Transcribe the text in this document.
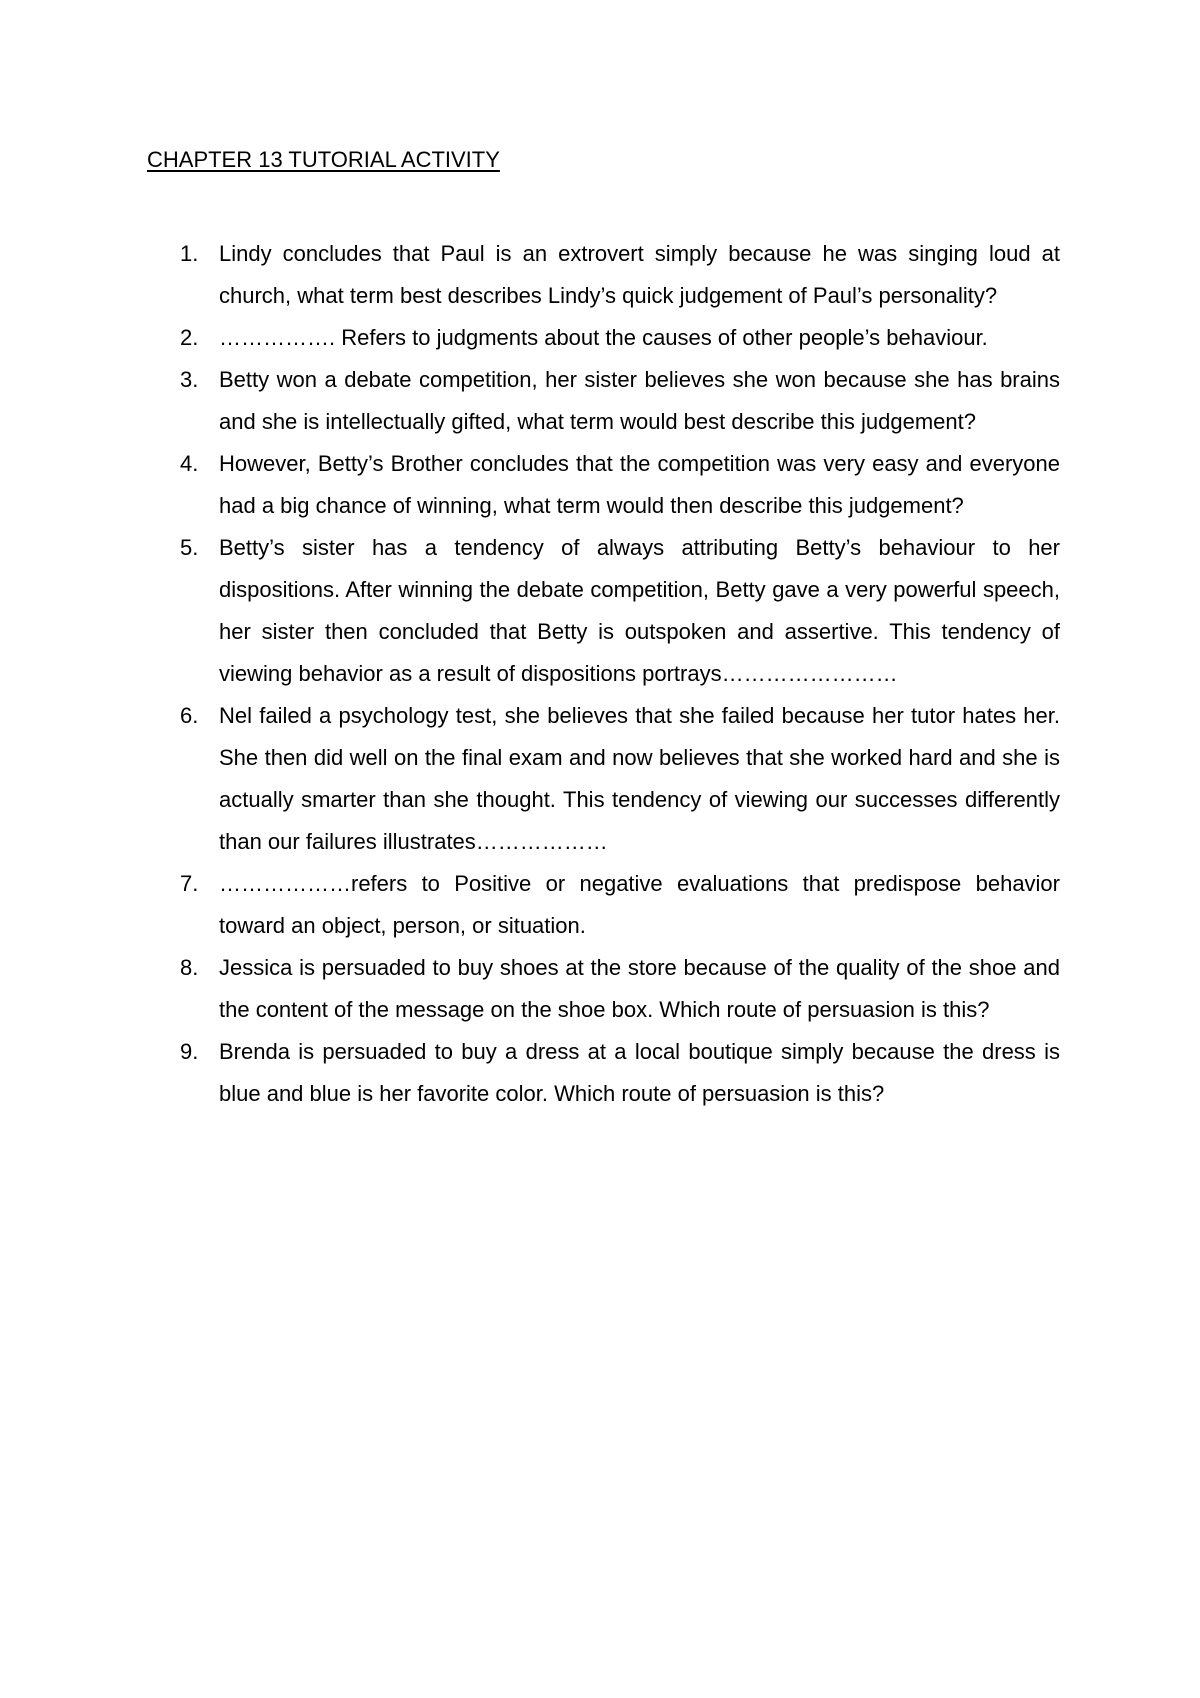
CHAPTER 13 TUTORIAL ACTIVITY
1. Lindy concludes that Paul is an extrovert simply because he was singing loud at church, what term best describes Lindy’s quick judgement of Paul’s personality?
2. ……………. Refers to judgments about the causes of other people’s behaviour.
3. Betty won a debate competition, her sister believes she won because she has brains and she is intellectually gifted, what term would best describe this judgement?
4. However, Betty’s Brother concludes that the competition was very easy and everyone had a big chance of winning, what term would then describe this judgement?
5. Betty’s sister has a tendency of always attributing Betty’s behaviour to her dispositions. After winning the debate competition, Betty gave a very powerful speech, her sister then concluded that Betty is outspoken and assertive. This tendency of viewing behavior as a result of dispositions portrays……………………
6. Nel failed a psychology test, she believes that she failed because her tutor hates her. She then did well on the final exam and now believes that she worked hard and she is actually smarter than she thought. This tendency of viewing our successes differently than our failures illustrates………………
7. ………………refers to Positive or negative evaluations that predispose behavior toward an object, person, or situation.
8. Jessica is persuaded to buy shoes at the store because of the quality of the shoe and the content of the message on the shoe box. Which route of persuasion is this?
9. Brenda is persuaded to buy a dress at a local boutique simply because the dress is blue and blue is her favorite color. Which route of persuasion is this?
